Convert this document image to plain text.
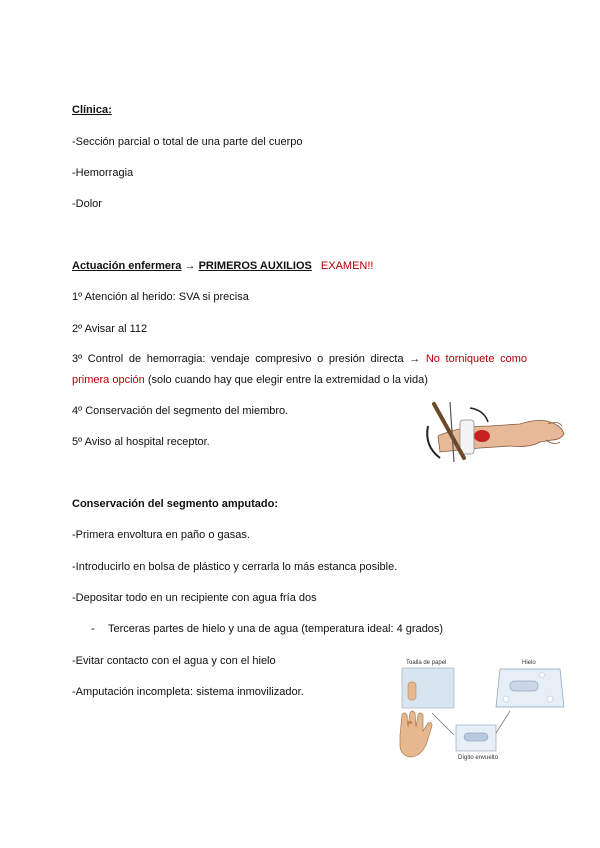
Clínica:
-Sección parcial o total de una parte del cuerpo
-Hemorragia
-Dolor
Actuación enfermera → PRIMEROS AUXILIOS EXAMEN!!
1º Atención al herido: SVA si precisa
2º Avisar al 112
3º Control de hemorragia: vendaje compresivo o presión directa → No torniquete como primera opción (solo cuando hay que elegir entre la extremidad o la vida)
4º Conservación del segmento del miembro.
5º Aviso al hospital receptor.
Conservación del segmento amputado:
-Primera envoltura en paño o gasas.
-Introducirlo en bolsa de plástico y cerrarla lo más estanca posible.
-Depositar todo en un recipiente con agua fría dos
- Terceras partes de hielo y una de agua (temperatura ideal: 4 grados)
-Evitar contacto con el agua y con el hielo
-Amputación incompleta: sistema inmovilizador.
Toalla de papel	Hielo
Dígito envuelto
